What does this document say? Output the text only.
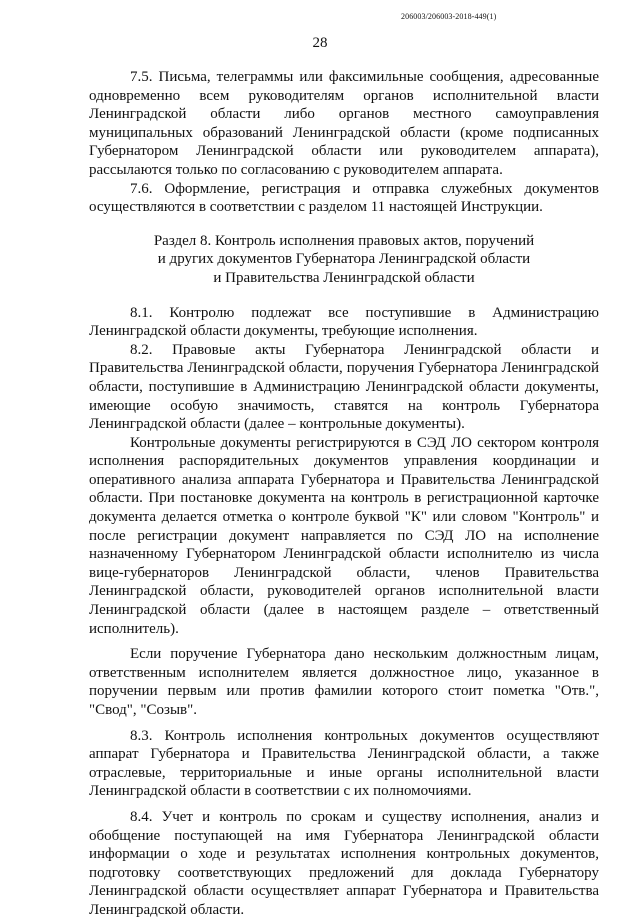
206003/206003-2018-449(1)
28

7.5. Письма, телеграммы или факсимильные сообщения, адресованные одновременно всем руководителям органов исполнительной власти Ленинградской области либо органов местного самоуправления муниципальных образований Ленинградской области (кроме подписанных Губернатором Ленинградской области или руководителем аппарата), рассылаются только по согласованию с руководителем аппарата.

7.6. Оформление, регистрация и отправка служебных документов осуществляются в соответствии с разделом 11 настоящей Инструкции.

Раздел 8. Контроль исполнения правовых актов, поручений
и других документов Губернатора Ленинградской области
и Правительства Ленинградской области

8.1. Контролю подлежат все поступившие в Администрацию Ленинградской области документы, требующие исполнения.

8.2. Правовые акты Губернатора Ленинградской области и Правительства Ленинградской области, поручения Губернатора Ленинградской области, поступившие в Администрацию Ленинградской области документы, имеющие особую значимость, ставятся на контроль Губернатора Ленинградской области (далее – контрольные документы).

Контрольные документы регистрируются в СЭД ЛО сектором контроля исполнения распорядительных документов управления координации и оперативного анализа аппарата Губернатора и Правительства Ленинградской области. При постановке документа на контроль в регистрационной карточке документа делается отметка о контроле буквой "К" или словом "Контроль" и после регистрации документ направляется по СЭД ЛО на исполнение назначенному Губернатором Ленинградской области исполнителю из числа вице-губернаторов Ленинградской области, членов Правительства Ленинградской области, руководителей органов исполнительной власти Ленинградской области (далее в настоящем разделе – ответственный исполнитель).

Если поручение Губернатора дано нескольким должностным лицам, ответственным исполнителем является должностное лицо, указанное в поручении первым или против фамилии которого стоит пометка "Отв.", "Свод", "Созыв".

8.3. Контроль исполнения контрольных документов осуществляют аппарат Губернатора и Правительства Ленинградской области, а также отраслевые, территориальные и иные органы исполнительной власти Ленинградской области в соответствии с их полномочиями.

8.4. Учет и контроль по срокам и существу исполнения, анализ и обобщение поступающей на имя Губернатора Ленинградской области информации о ходе и результатах исполнения контрольных документов, подготовку соответствующих предложений для доклада Губернатору Ленинградской области осуществляет аппарат Губернатора и Правительства Ленинградской области.
